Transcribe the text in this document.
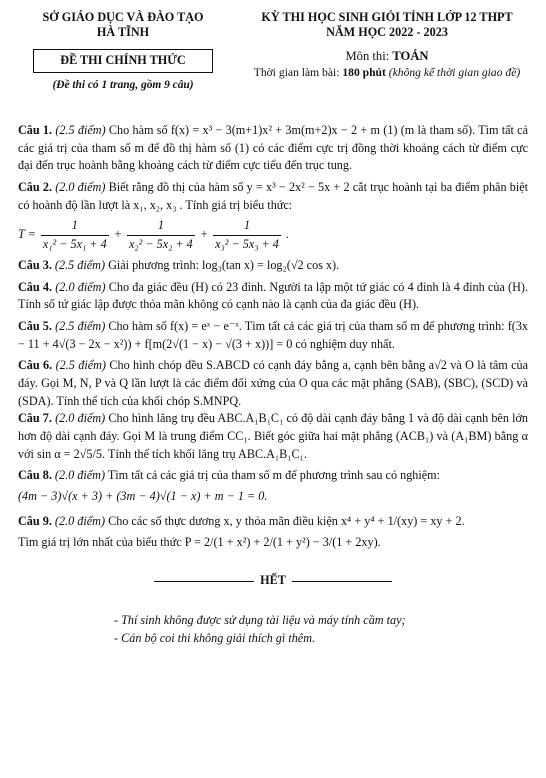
SỞ GIÁO DỤC VÀ ĐÀO TẠO
HÀ TĨNH
ĐỀ THI CHÍNH THỨC
(Đề thi có 1 trang, gồm 9 câu)
KỲ THI HỌC SINH GIỎI TỈNH LỚP 12 THPT
NĂM HỌC 2022 - 2023
Môn thi: TOÁN
Thời gian làm bài: 180 phút (không kể thời gian giao đề)

Câu 1. (2.5 điểm) Cho hàm số f(x) = x³ − 3(m+1)x² + 3m(m+2)x − 2 + m (1) (m là tham số). Tìm tất cả các giá trị của tham số m để đồ thị hàm số (1) có các điểm cực trị đồng thời khoảng cách từ điểm cực đại đến trục hoành bằng khoảng cách từ điểm cực tiểu đến trục tung.

Câu 2. (2.0 điểm) Biết rằng đồ thị của hàm số y = x³ − 2x² − 5x + 2 cắt trục hoành tại ba điểm phân biệt có hoành độ lần lượt là x₁, x₂, x₃ . Tính giá trị biểu thức:

$T = \frac{1}{\text{x₁² − 5x₁ + 4}} + \frac{1}{\text{x₂² − 5x₂ + 4}} + \frac{1}{\text{x₃² − 5x₃ + 4}}$ .

Câu 3. (2.5 điểm) Giải phương trình: log₃(tan x) = log₂(√2 cos x).

Câu 4. (2.0 điểm) Cho đa giác đều (H) có 23 đỉnh. Người ta lập một tứ giác có 4 đỉnh là 4 đỉnh của (H). Tính số tứ giác lập được thỏa mãn không có cạnh nào là cạnh của đa giác đều (H).

Câu 5. (2.5 điểm) Cho hàm số f(x) = eˣ − e⁻ˣ. Tìm tất cả các giá trị của tham số m để phương trình: f(3x − 11 + 4√(3 − 2x − x²)) + f[m(2√(1 − x) − √(3 + x))] = 0 có nghiệm duy nhất.

Câu 6. (2.5 điểm) Cho hình chóp đều S.ABCD có cạnh đáy bằng a, cạnh bên bằng a√2 và O là tâm của đáy. Gọi M, N, P và Q lần lượt là các điểm đối xứng của O qua các mặt phẳng (SAB), (SBC), (SCD) và (SDA). Tính thể tích của khối chóp S.MNPQ.

Câu 7. (2.0 điểm) Cho hình lăng trụ đều ABC.A₁B₁C₁ có độ dài cạnh đáy bằng 1 và độ dài cạnh bên lớn hơn độ dài cạnh đáy. Gọi M là trung điểm CC₁. Biết góc giữa hai mặt phẳng (ACB₁) và (A₁BM) bằng α với sin α = 2√5/5. Tính thể tích khối lăng trụ ABC.A₁B₁C₁.

Câu 8. (2.0 điểm) Tìm tất cả các giá trị của tham số m để phương trình sau có nghiệm:

(4m − 3)√(x + 3) + (3m − 4)√(1 − x) + m − 1 = 0.

Câu 9. (2.0 điểm) Cho các số thực dương x, y thỏa mãn điều kiện x⁴ + y⁴ + 1/(xy) = xy + 2.

Tìm giá trị lớn nhất của biểu thức P = 2/(1 + x²) + 2/(1 + y²) − 3/(1 + 2xy).

HẾT
- Thí sinh không được sử dụng tài liệu và máy tính cầm tay;
- Cán bộ coi thi không giải thích gì thêm.
